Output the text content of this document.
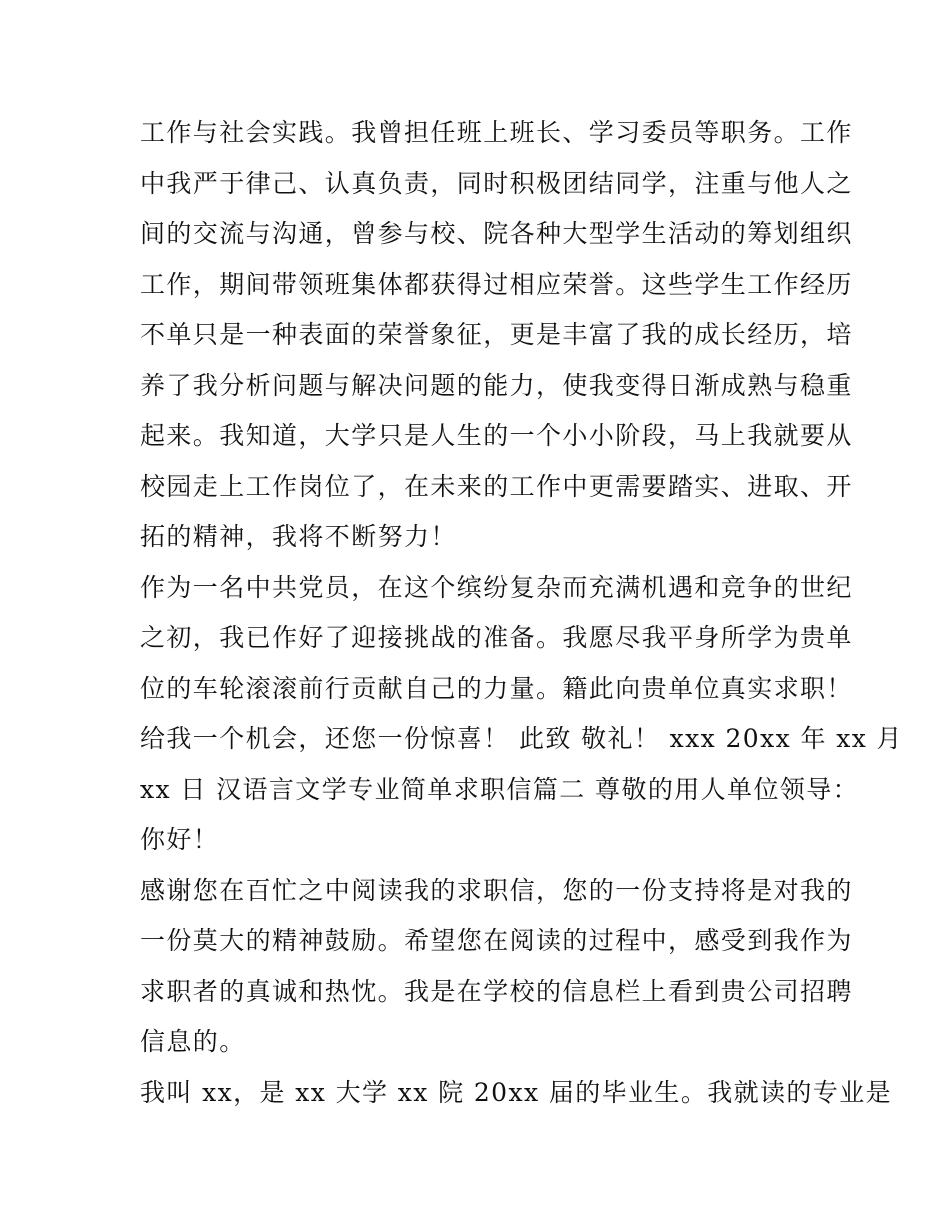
工作与社会实践。我曾担任班上班长、学习委员等职务。工作
中我严于律己、认真负责，同时积极团结同学，注重与他人之
间的交流与沟通，曾参与校、院各种大型学生活动的筹划组织
工作，期间带领班集体都获得过相应荣誉。这些学生工作经历
不单只是一种表面的荣誉象征，更是丰富了我的成长经历，培
养了我分析问题与解决问题的能力，使我变得日渐成熟与稳重
起来。我知道，大学只是人生的一个小小阶段，马上我就要从
校园走上工作岗位了，在未来的工作中更需要踏实、进取、开
拓的精神，我将不断努力！

作为一名中共党员，在这个缤纷复杂而充满机遇和竞争的世纪
之初，我已作好了迎接挑战的准备。我愿尽我平身所学为贵单
位的车轮滚滚前行贡献自己的力量。籍此向贵单位真实求职！
给我一个机会，还您一份惊喜！ 此致 敬礼！ xxx 20xx 年 xx 月
xx 日 汉语言文学专业简单求职信篇二 尊敬的用人单位领导：
你好！

感谢您在百忙之中阅读我的求职信，您的一份支持将是对我的
一份莫大的精神鼓励。希望您在阅读的过程中，感受到我作为
求职者的真诚和热忱。我是在学校的信息栏上看到贵公司招聘
信息的。

我叫 xx，是 xx 大学 xx 院 20xx 届的毕业生。我就读的专业是
